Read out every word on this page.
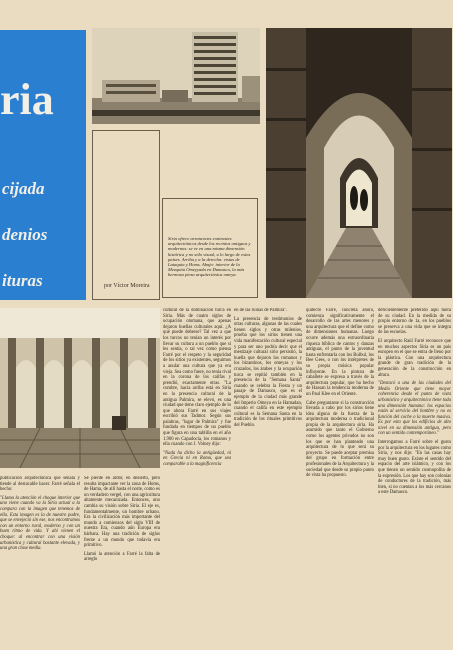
ria
cijada
denios
ituras	por Víctor Moreira
Siria ofrece arrancones contrastes arquitectónicos desde los recintos antiguos y modernos: se ve en una misma dimensión histórica y no sólo visual, a lo largo de estos países. Arriba y a la derecha: vistas de Lataquia y Homs. Abajo: interior de la Mezquita Omeyyada en Damasco, la más hermosa pieza arquitectónica omeya.

publicación arquitectónica que señala y tiende al destacable hacer. Farré señala el hecho:

"Llama la atención el choque interior que uno viene cuando va la Siria actual a la compara con la imagen que tenemos de ella. Esta imagen es la de nuestro padre, que se envejeció sin ese, nos encontramos con un entorno rural, moderno y con un buen ritmo de vida. Y ahí vienen el choque: al encontrar con una visión urbanística y cultural bastante elevada, y una gran clase media.

Se pierde en ardor, en desierto, pero resulta impactante ver la zona de Homs, de Hama, de allí hasta el norte, como es un verdadero vergel, con una agricultura altamente mecanizada. Entonces, uno cambia su visión sobre Siria. El eje es, fundamentalmente, un hombre urbano. Era la civilización más importante del mundo a comienzos del siglo VIII de nuestra Era, cuando aún Europa era bárbara. Hay una tradición de siglos frente a un mundo que todavía era primitivo.

Llamó la atención a Farré la falta de arreglo

cultural de la dominación turca en Siria. Más de cuatro siglos de ocupación otomana, que apenas dejaron huellas culturales aquí. ¿A qué puede deberse? Tal vez a que los turcos no tenían un interés por llevar su cultura a un pueblo que sí les sentía, o tal vez como piensa Farré por el respeto y la seguridad de los sitios ya existentes, seguimos a anular una cultura que ya era vieja. Sea como fuere, no tenía rival en la corona de los califas y prendió, exactamente otras. "La cumbre, hacia arriba está en Siria en la presencia cultural de la antigua Palmira, se elevó, es una ciudad que tiene claro ejemplo de lo que ahora Farré en sus viajes escribió sus Tadmor. Según sus palabras, "lugar de Palmira" y fue fundada en tiempos de un pueblo que figura en una tablilla en el año 1.900 en Capadocia, los romanos y ella cuando con J. Volney dijo:

"Nada ha dicho la antigüedad, ni en Grecia ni en Roma, que sea comparable a la magnificencia

en de las ruinas de Palmira".

La presencia de testimonios de otras culturas, algunas de las cuales tienen siglos y otras milenios, prueba que los sirios tienen una vida manifestación cultural especial y para ser uno podría decir que el mestizaje cultural sirio persistió, la huella que dejaron los romanos y los bizantinos, los omeyas y los cruzados, los árabes y la ocupación turca se repitió también en la presencia de la "Semana Santa" cuando se celebra la Fiesta y un pasaje de Damasco, que es el ejemplo de la ciudad más grande del Imperio Omeya en la Hamadan, cuando el califa en este ejemplo cultural es la Semana Santa en la tradición de los rituales primitivos del Pueblo.

quitecto Farré, concreta ahora, comienza significativamente el desarrollo de las artes menores y una arquitectura que el define como de dimensiones humanas. Luego ocurre además una extraordinaria riqueza bíblica de cantos y danzas antiguas, el punto de la juventud hasta enfrentarla con los Bulbul, los Bee Gees, o con los intérpretes de su propia música popular influyente. En la pintura de caballete se expresa a través de la arquitectura popular, que ha hecho de Hassan la tendencia moderna de un Paul Klee en el Oriente.

Cabe preguntarse si la construcción llevada a cabo por los sirios tiene idea alguna de la fuerza de la arquitectura moderna o tradicional propia de la arquitectura siria. Ha asumido que tanto el Gobierno como los agentes privados no son los que se han planteado una arquitectura de lo que será su proyecto. Se puede aceptar premisa del grupo en formación entre profesionales de la Arquitectura y la sociedad que desde su propio punto de vista ha propuesto.

deficientemente preferido aquí fuera de su ciudad. En la medida de su propio entorno de 1a, en los pueblos se preserva a una vida que se integra de las escuelas.

El arquitecto Raúl Farré reconoce que en muchos aspectos Siria es un país europeo en el que se entra de lleno por la plástica. Con una arquitectura grande de gran tradición de la generación de la construcción en altura.

"Destacó a una de las ciudades del Medio Oriente que tiene mayor coherencia desde el punto de vista urbanístico y arquitectónico tiene toda una dimensión humana: los espacios están al servicio del hombre y no es función del coche o la muerte masiva. Es por esto que los edificios de alto nivel en su dimensión antigua, pero con un sentido contemporáneo."

Interrogamos a Farré sobre el gusto por la arquitectura en los lugares como Siria, y nos dijo: "En las casas hay muy buen gusto. Existe el sentido del espacio del arte islámico, y con los que tienen un sentido cosmopolita de la expresión. Los que hay son colonias de conductores de la tradición, más bien, si no cuentan a los más cercanos a este Damasco.
